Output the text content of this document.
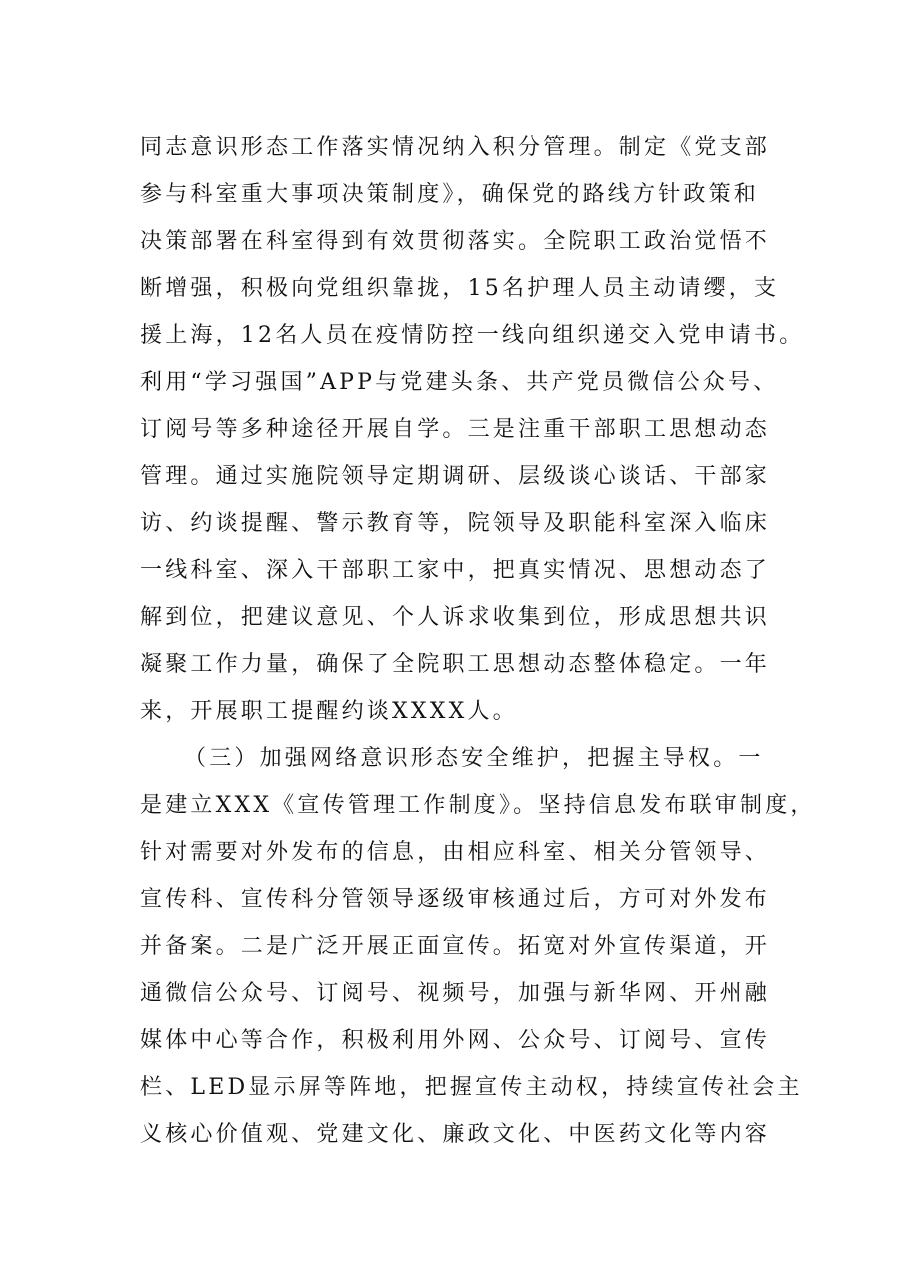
同志意识形态工作落实情况纳入积分管理。制定《党支部
参与科室重大事项决策制度》，确保党的路线方针政策和
决策部署在科室得到有效贯彻落实。全院职工政治觉悟不
断增强，积极向党组织靠拢，15名护理人员主动请缨，支
援上海，12名人员在疫情防控一线向组织递交入党申请书。
利用“学习强国”APP与党建头条、共产党员微信公众号、
订阅号等多种途径开展自学。三是注重干部职工思想动态
管理。通过实施院领导定期调研、层级谈心谈话、干部家
访、约谈提醒、警示教育等，院领导及职能科室深入临床
一线科室、深入干部职工家中，把真实情况、思想动态了
解到位，把建议意见、个人诉求收集到位，形成思想共识
凝聚工作力量，确保了全院职工思想动态整体稳定。一年
来，开展职工提醒约谈XXXX人。
（三）加强网络意识形态安全维护，把握主导权。一
是建立XXX《宣传管理工作制度》。坚持信息发布联审制度，
针对需要对外发布的信息，由相应科室、相关分管领导、
宣传科、宣传科分管领导逐级审核通过后，方可对外发布
并备案。二是广泛开展正面宣传。拓宽对外宣传渠道，开
通微信公众号、订阅号、视频号，加强与新华网、开州融
媒体中心等合作，积极利用外网、公众号、订阅号、宣传
栏、LED显示屏等阵地，把握宣传主动权，持续宣传社会主
义核心价值观、党建文化、廉政文化、中医药文化等内容
